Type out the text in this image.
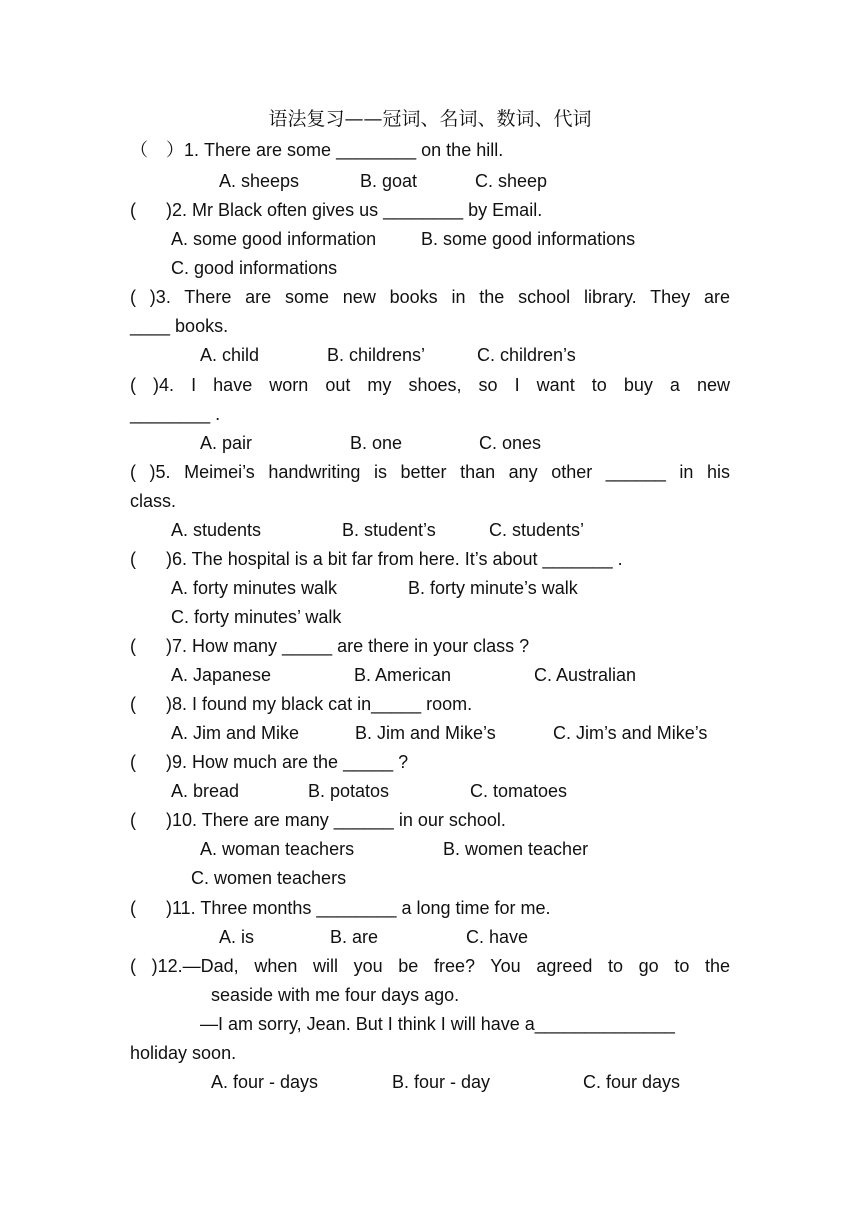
语法复习——冠词、名词、数词、代词
（　）1. There are some ________ on the hill.
A. sheeps	B. goat	C. sheep
(      )2. Mr Black often gives us ________ by Email.
A. some good information B. some good informations
C. good informations
( )3. There are some new books in the school library. They are
____ books.
A. child	B. childrens’	C. children’s
( )4. I have worn out my shoes, so I want to buy a new
________ .
A. pair	B. one	C. ones
( )5. Meimei’s handwriting is better than any other ______ in his
class.
A. students	B. student’s	C. students’
(      )6. The hospital is a bit far from here. It’s about _______ .
A. forty minutes walk	B. forty minute’s walk
C. forty minutes’ walk
(      )7. How many _____ are there in your class ?
A. Japanese	B. American	C. Australian
(      )8. I found my black cat in_____ room.
A. Jim and Mike	B. Jim and Mike’s	C. Jim’s and Mike’s
(      )9. How much are the _____ ?
A. bread	B. potatos	C. tomatoes
(      )10. There are many ______ in our school.
A. woman teachers	B. women teacher
C. women teachers
(      )11. Three months ________ a long time for me.
A. is	B. are	C. have
( )12.—Dad, when will you be free? You agreed to go to the
seaside with me four days ago.
—I am sorry, Jean. But I think I will have a______________
holiday soon.
A. four - days	B. four - day	C. four days
